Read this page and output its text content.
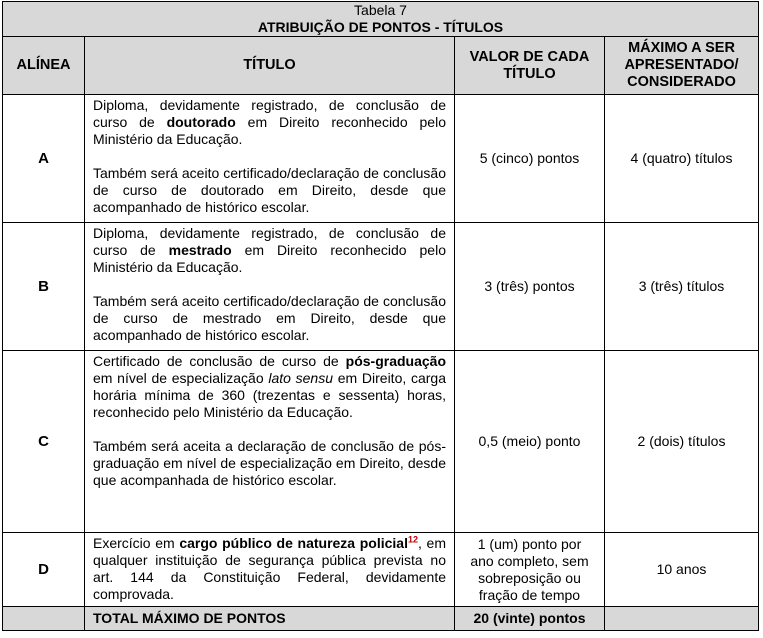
Tabela 7
ATRIBUIÇÃO DE PONTOS - TÍTULOS			

ALÍNEA	TÍTULO	VALOR DE CADA TÍTULO	MÁXIMO A SER APRESENTADO/ CONSIDERADO
A	Diploma, devidamente registrado, de conclusão de curso de doutorado em Direito reconhecido pelo Ministério da Educação.

Também será aceito certificado/declaração de conclusão de curso de doutorado em Direito, desde que acompanhado de histórico escolar.	5 (cinco) pontos	4 (quatro) títulos
B	Diploma, devidamente registrado, de conclusão de curso de mestrado em Direito reconhecido pelo Ministério da Educação.

Também será aceito certificado/declaração de conclusão de curso de mestrado em Direito, desde que acompanhado de histórico escolar.	3 (três) pontos	3 (três) títulos
C	Certificado de conclusão de curso de pós-graduação em nível de especialização lato sensu em Direito, carga horária mínima de 360 (trezentas e sessenta) horas, reconhecido pelo Ministério da Educação.

Também será aceita a declaração de conclusão de pós-graduação em nível de especialização em Direito, desde que acompanhada de histórico escolar.	0,5 (meio) ponto	2 (dois) títulos
D	Exercício em cargo público de natureza policial$^{12}$, em qualquer instituição de segurança pública prevista no art. 144 da Constituição Federal, devidamente comprovada.	1 (um) ponto por ano completo, sem sobreposição ou fração de tempo	10 anos
	TOTAL MÁXIMO DE PONTOS	20 (vinte) pontos	
